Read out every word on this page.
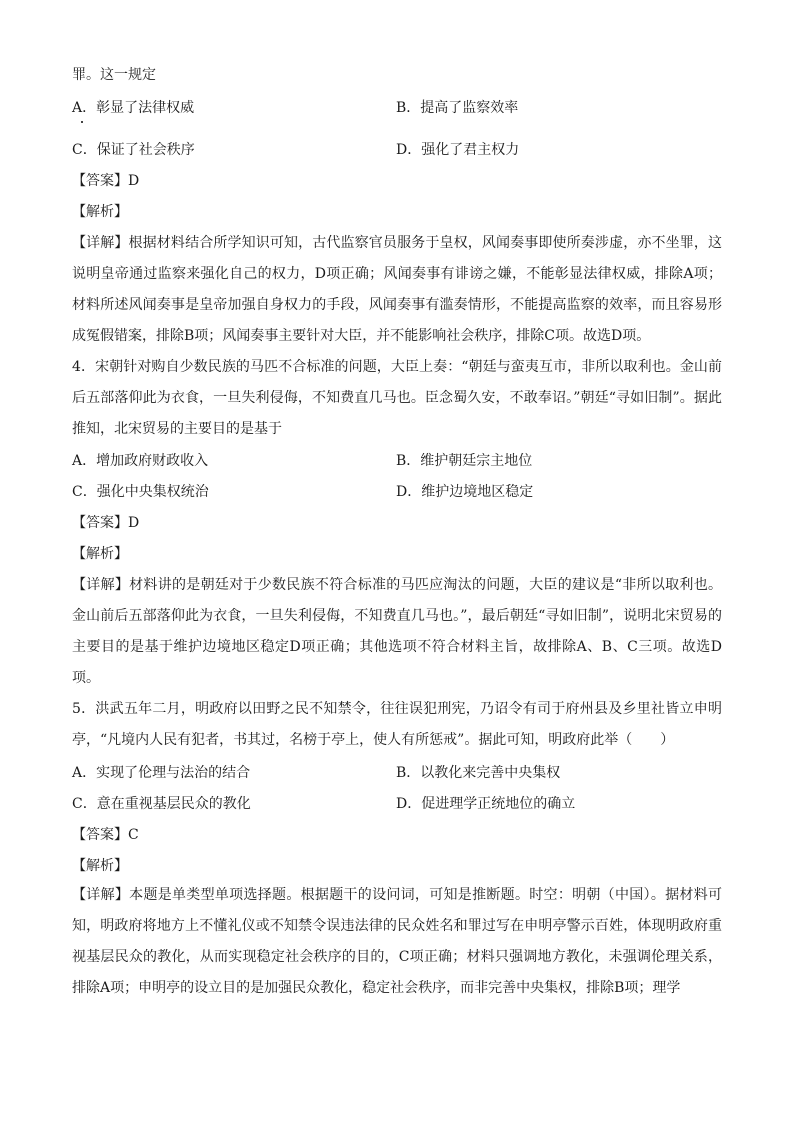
罪。这一规定
A．彰显了法律权威	B．提高了监察效率
C．保证了社会秩序	D．强化了君主权力
【答案】D
【解析】
【详解】根据材料结合所学知识可知，古代监察官员服务于皇权，风闻奏事即使所奏涉虚，亦不坐罪，这说明皇帝通过监察来强化自己的权力，D项正确；风闻奏事有诽谤之嫌，不能彰显法律权威，排除A项；材料所述风闻奏事是皇帝加强自身权力的手段，风闻奏事有滥奏情形，不能提高监察的效率，而且容易形成冤假错案，排除B项；风闻奏事主要针对大臣，并不能影响社会秩序，排除C项。故选D项。
4．宋朝针对购自少数民族的马匹不合标准的问题，大臣上奏：“朝廷与蛮夷互市，非所以取利也。金山前后五部落仰此为衣食，一旦失利侵侮，不知费直几马也。臣念蜀久安，不敢奉诏。”朝廷“寻如旧制”。据此推知，北宋贸易的主要目的是基于
A．增加政府财政收入	B．维护朝廷宗主地位
C．强化中央集权统治	D．维护边境地区稳定
【答案】D
【解析】
【详解】材料讲的是朝廷对于少数民族不符合标准的马匹应淘汰的问题，大臣的建议是“非所以取利也。金山前后五部落仰此为衣食，一旦失利侵侮，不知费直几马也。”，最后朝廷“寻如旧制”，说明北宋贸易的主要目的是基于维护边境地区稳定D项正确；其他选项不符合材料主旨，故排除A、B、C三项。故选D项。
5．洪武五年二月，明政府以田野之民不知禁令，往往误犯刑宪，乃诏令有司于府州县及乡里社皆立申明亭，“凡境内人民有犯者，书其过，名榜于亭上，使人有所惩戒”。据此可知，明政府此举（　　）
A．实现了伦理与法治的结合	B．以教化来完善中央集权
C．意在重视基层民众的教化	D．促进理学正统地位的确立
【答案】C
【解析】
【详解】本题是单类型单项选择题。根据题干的设问词，可知是推断题。时空：明朝（中国）。据材料可知，明政府将地方上不懂礼仪或不知禁令误违法律的民众姓名和罪过写在申明亭警示百姓，体现明政府重视基层民众的教化，从而实现稳定社会秩序的目的，C项正确；材料只强调地方教化，未强调伦理关系，排除A项；申明亭的设立目的是加强民众教化，稳定社会秩序，而非完善中央集权，排除B项；理学
